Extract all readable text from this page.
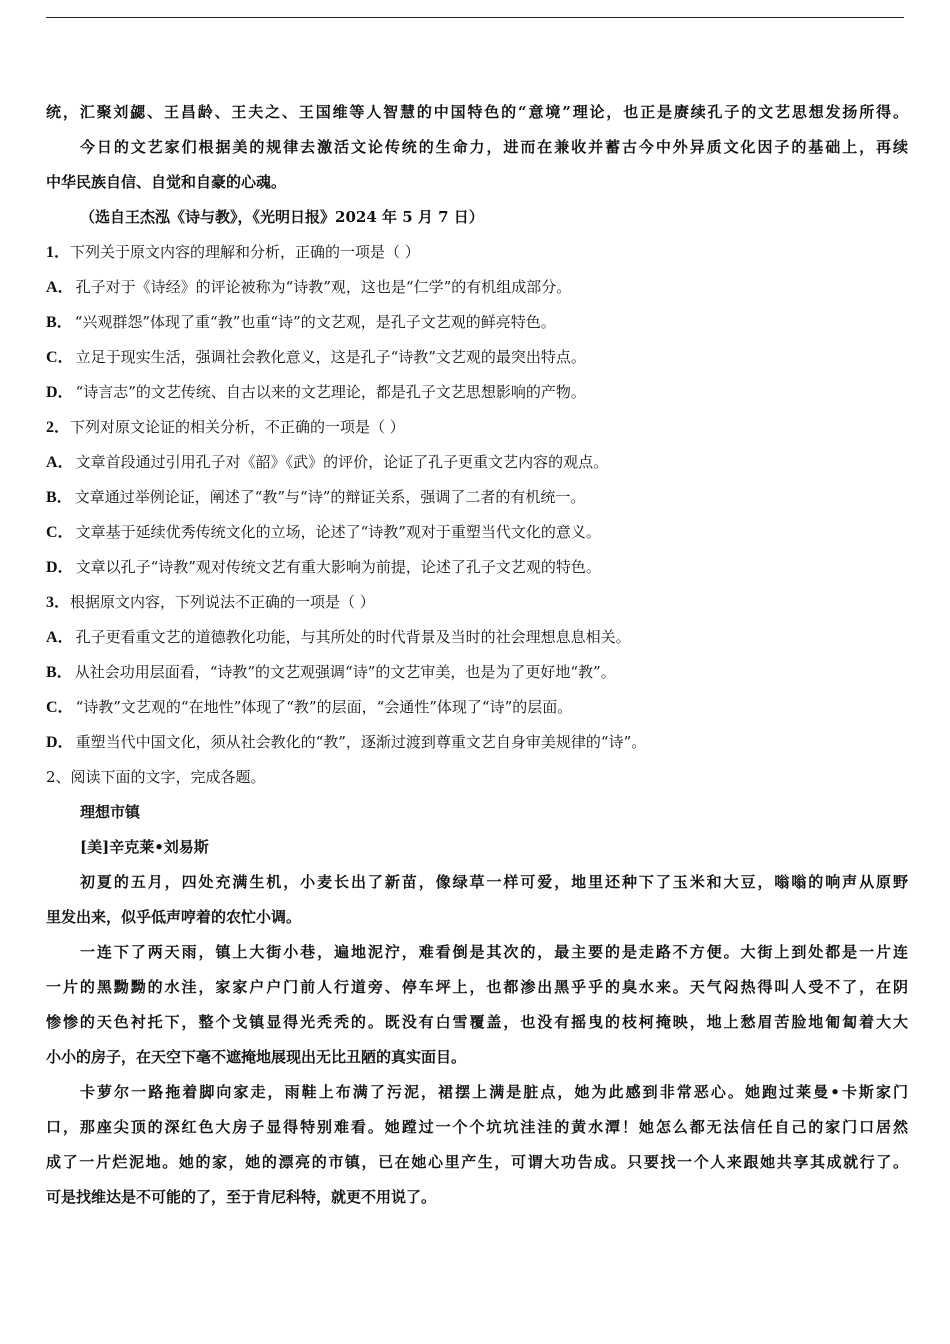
统，汇聚刘勰、王昌龄、王夫之、王国维等人智慧的中国特色的“意境”理论，也正是赓续孔子的文艺思想发扬所得。
今日的文艺家们根据美的规律去激活文论传统的生命力，进而在兼收并蓄古今中外异质文化因子的基础上，再续
中华民族自信、自觉和自豪的心魂。
（选自王杰泓《诗与教》，《光明日报》2024 年 5 月 7 日）
1．下列关于原文内容的理解和分析，正确的一项是（ ）
A． 孔子对于《诗经》的评论被称为“诗教”观，这也是“仁学”的有机组成部分。
B． “兴观群怨”体现了重“教”也重“诗”的文艺观，是孔子文艺观的鲜亮特色。
C． 立足于现实生活，强调社会教化意义，这是孔子“诗教”文艺观的最突出特点。
D． “诗言志”的文艺传统、自古以来的文艺理论，都是孔子文艺思想影响的产物。
2．下列对原文论证的相关分析，不正确的一项是（ ）
A． 文章首段通过引用孔子对《韶》《武》的评价，论证了孔子更重文艺内容的观点。
B． 文章通过举例论证，阐述了“教”与“诗”的辩证关系，强调了二者的有机统一。
C． 文章基于延续优秀传统文化的立场，论述了“诗教”观对于重塑当代文化的意义。
D． 文章以孔子“诗教”观对传统文艺有重大影响为前提，论述了孔子文艺观的特色。
3．根据原文内容，下列说法不正确的一项是（ ）
A． 孔子更看重文艺的道德教化功能，与其所处的时代背景及当时的社会理想息息相关。
B． 从社会功用层面看，“诗教”的文艺观强调“诗”的文艺审美，也是为了更好地“教”。
C． “诗教”文艺观的“在地性”体现了“教”的层面，“会通性”体现了“诗”的层面。
D． 重塑当代中国文化，须从社会教化的“教”，逐渐过渡到尊重文艺自身审美规律的“诗”。
2、阅读下面的文字，完成各题。
理想市镇
[美]辛克莱•刘易斯
初夏的五月，四处充满生机，小麦长出了新苗，像绿草一样可爱，地里还种下了玉米和大豆，嗡嗡的响声从原野
里发出来，似乎低声哼着的农忙小调。
一连下了两天雨，镇上大街小巷，遍地泥泞，难看倒是其次的，最主要的是走路不方便。大街上到处都是一片连
一片的黑黝黝的水洼，家家户户门前人行道旁、停车坪上，也都渗出黑乎乎的臭水来。天气闷热得叫人受不了，在阴
惨惨的天色衬托下，整个戈镇显得光秃秃的。既没有白雪覆盖，也没有摇曳的枝柯掩映，地上愁眉苦脸地匍匐着大大
小小的房子，在天空下毫不遮掩地展现出无比丑陋的真实面目。
卡萝尔一路拖着脚向家走，雨鞋上布满了污泥，裙摆上满是脏点，她为此感到非常恶心。她跑过莱曼•卡斯家门
口，那座尖顶的深红色大房子显得特别难看。她蹚过一个个坑坑洼洼的黄水潭！她怎么都无法信任自己的家门口居然
成了一片烂泥地。她的家，她的漂亮的市镇，已在她心里产生，可谓大功告成。只要找一个人来跟她共享其成就行了。
可是找维达是不可能的了，至于肯尼科特，就更不用说了。
